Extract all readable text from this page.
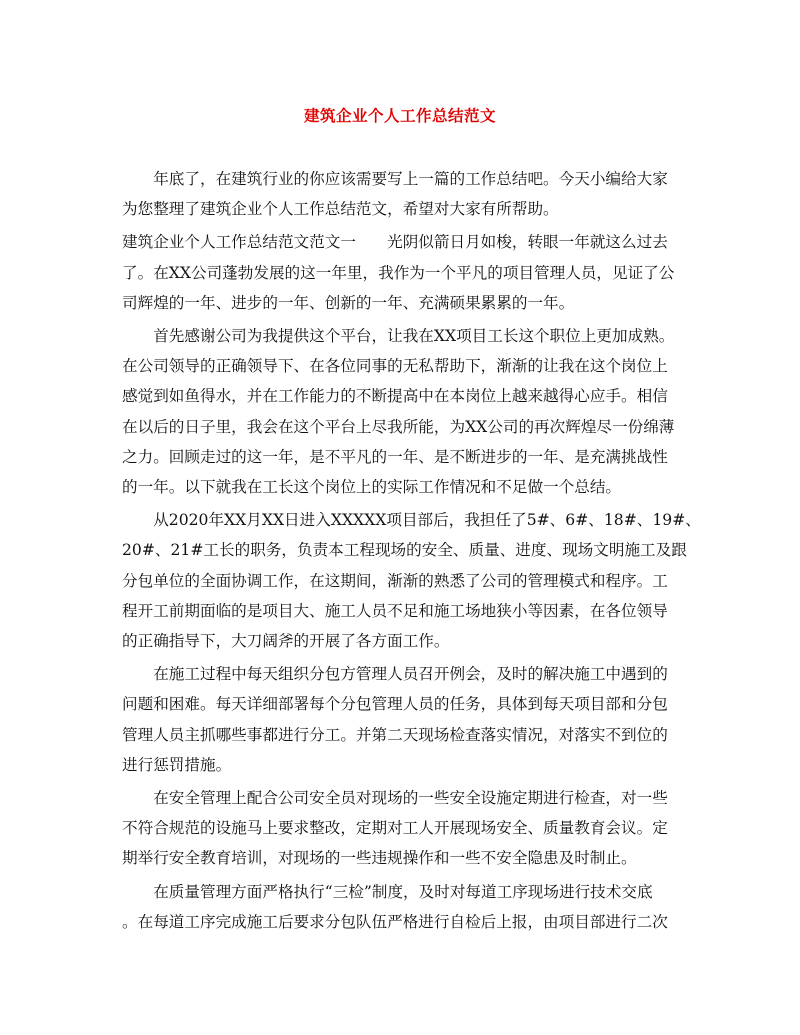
建筑企业个人工作总结范文

年底了，在建筑行业的你应该需要写上一篇的工作总结吧。今天小编给大家
为您整理了建筑企业个人工作总结范文，希望对大家有所帮助。

建筑企业个人工作总结范文范文一　　光阴似箭日月如梭，转眼一年就这么过去
了。在XX公司蓬勃发展的这一年里，我作为一个平凡的项目管理人员，见证了公
司辉煌的一年、进步的一年、创新的一年、充满硕果累累的一年。

首先感谢公司为我提供这个平台，让我在XX项目工长这个职位上更加成熟。
在公司领导的正确领导下、在各位同事的无私帮助下，渐渐的让我在这个岗位上
感觉到如鱼得水，并在工作能力的不断提高中在本岗位上越来越得心应手。相信
在以后的日子里，我会在这个平台上尽我所能，为XX公司的再次辉煌尽一份绵薄
之力。回顾走过的这一年，是不平凡的一年、是不断进步的一年、是充满挑战性
的一年。以下就我在工长这个岗位上的实际工作情况和不足做一个总结。

从2020年XX月XX日进入XXXXX项目部后，我担任了5#、6#、18#、19#、
20#、21#工长的职务，负责本工程现场的安全、质量、进度、现场文明施工及跟
分包单位的全面协调工作，在这期间，渐渐的熟悉了公司的管理模式和程序。工
程开工前期面临的是项目大、施工人员不足和施工场地狭小等因素，在各位领导
的正确指导下，大刀阔斧的开展了各方面工作。

在施工过程中每天组织分包方管理人员召开例会，及时的解决施工中遇到的
问题和困难。每天详细部署每个分包管理人员的任务，具体到每天项目部和分包
管理人员主抓哪些事都进行分工。并第二天现场检查落实情况，对落实不到位的
进行惩罚措施。

在安全管理上配合公司安全员对现场的一些安全设施定期进行检查，对一些
不符合规范的设施马上要求整改，定期对工人开展现场安全、质量教育会议。定
期举行安全教育培训，对现场的一些违规操作和一些不安全隐患及时制止。

在质量管理方面严格执行“三检”制度，及时对每道工序现场进行技术交底
。在每道工序完成施工后要求分包队伍严格进行自检后上报，由项目部进行二次
